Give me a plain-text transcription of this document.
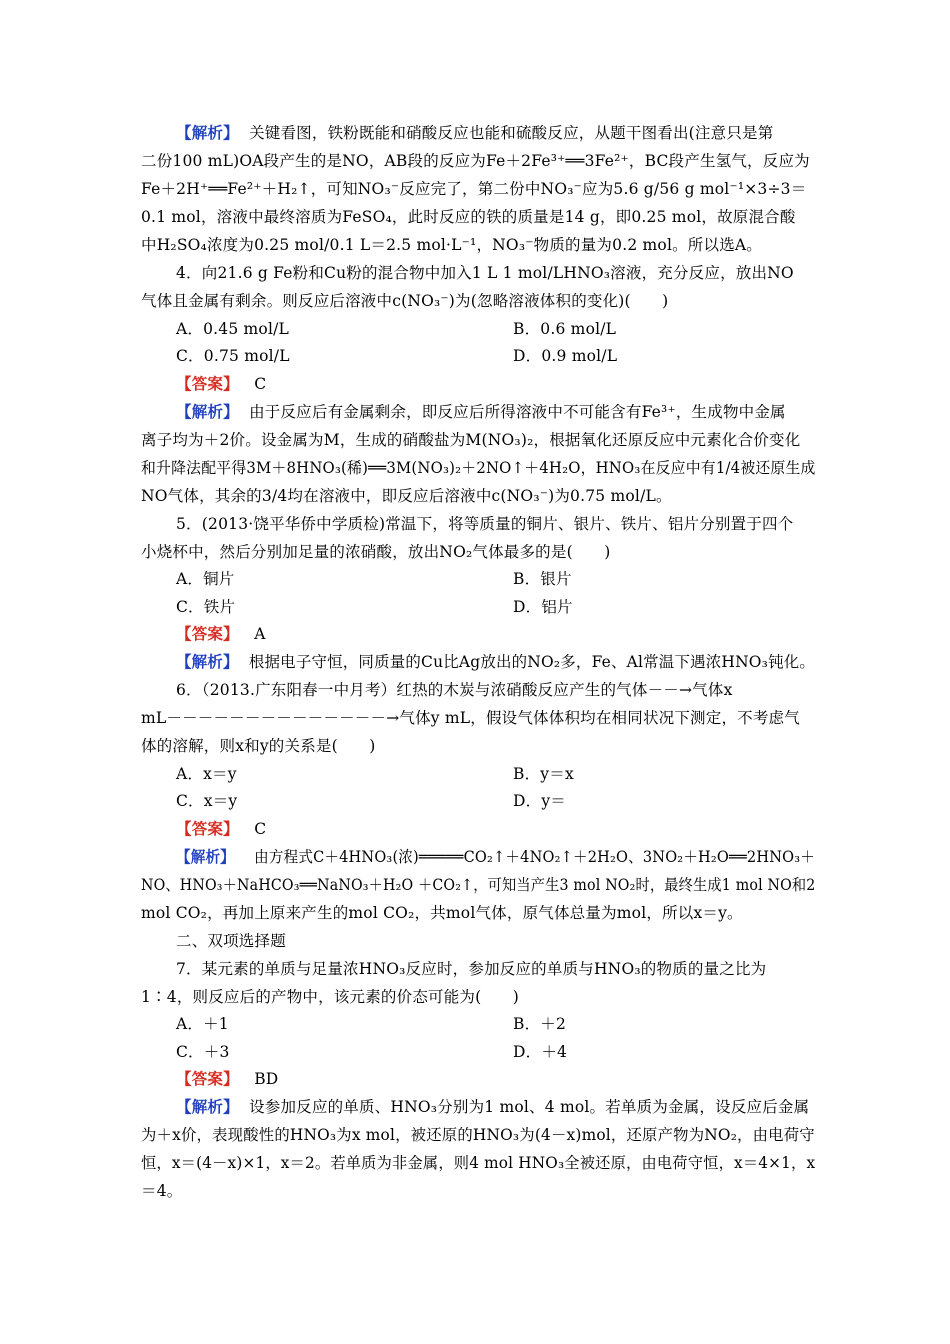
【解析】 关键看图，铁粉既能和硝酸反应也能和硫酸反应，从题干图看出(注意只是第
二份100 mL)OA段产生的是NO，AB段的反应为Fe＋2Fe³⁺══3Fe²⁺，BC段产生氢气，反应为
Fe＋2H⁺══Fe²⁺＋H₂↑，可知NO₃⁻反应完了，第二份中NO₃⁻应为5.6 g/56 g mol⁻¹×3÷3＝
0.1 mol，溶液中最终溶质为FeSO₄，此时反应的铁的质量是14 g，即0.25 mol，故原混合酸
中H₂SO₄浓度为0.25 mol/0.1 L＝2.5 mol·L⁻¹，NO₃⁻物质的量为0.2 mol。所以选A。
4．向21.6 g Fe粉和Cu粉的混合物中加入1 L 1 mol/LHNO₃溶液，充分反应，放出NO
气体且金属有剩余。则反应后溶液中c(NO₃⁻)为(忽略溶液体积的变化)(　　)
A．0.45 mol/L	B．0.6 mol/L
C．0.75 mol/L	D．0.9 mol/L
【答案】 C
【解析】 由于反应后有金属剩余，即反应后所得溶液中不可能含有Fe³⁺，生成物中金属
离子均为＋2价。设金属为M，生成的硝酸盐为M(NO₃)₂，根据氧化还原反应中元素化合价变化
和升降法配平得3M＋8HNO₃(稀)══3M(NO₃)₂＋2NO↑＋4H₂O，HNO₃在反应中有1/4被还原生成
NO气体，其余的3/4均在溶液中，即反应后溶液中c(NO₃⁻)为0.75 mol/L。
5．(2013·饶平华侨中学质检)常温下，将等质量的铜片、银片、铁片、铝片分别置于四个
小烧杯中，然后分别加足量的浓硝酸，放出NO₂气体最多的是(　　)
A．铜片	B．银片
C．铁片	D．铝片
【答案】 A
【解析】 根据电子守恒，同质量的Cu比Ag放出的NO₂多，Fe、Al常温下遇浓HNO₃钝化。
6．（2013.广东阳春一中月考）红热的木炭与浓硝酸反应产生的气体－－→气体x
mL－－－－－－－－－－－－－－→气体y mL，假设气体体积均在相同状况下测定，不考虑气
体的溶解，则x和y的关系是(　　)
A．x＝y	B．y＝x
C．x＝y	D．y＝
【答案】 C
【解析】 由方程式C＋4HNO₃(浓)═════CO₂↑＋4NO₂↑＋2H₂O、3NO₂＋H₂O══2HNO₃＋
NO、HNO₃＋NaHCO₃══NaNO₃＋H₂O ＋CO₂↑，可知当产生3 mol NO₂时，最终生成1 mol NO和2
mol CO₂，再加上原来产生的mol CO₂，共mol气体，原气体总量为mol，所以x＝y。
二、双项选择题
7．某元素的单质与足量浓HNO₃反应时，参加反应的单质与HNO₃的物质的量之比为
1∶4，则反应后的产物中，该元素的价态可能为(　　)
A．＋1	B．＋2
C．＋3	D．＋4
【答案】 BD
【解析】 设参加反应的单质、HNO₃分别为1 mol、4 mol。若单质为金属，设反应后金属
为＋x价，表现酸性的HNO₃为x mol，被还原的HNO₃为(4－x)mol，还原产物为NO₂，由电荷守
恒，x＝(4－x)×1，x＝2。若单质为非金属，则4 mol HNO₃全被还原，由电荷守恒，x＝4×1，x
＝4。
